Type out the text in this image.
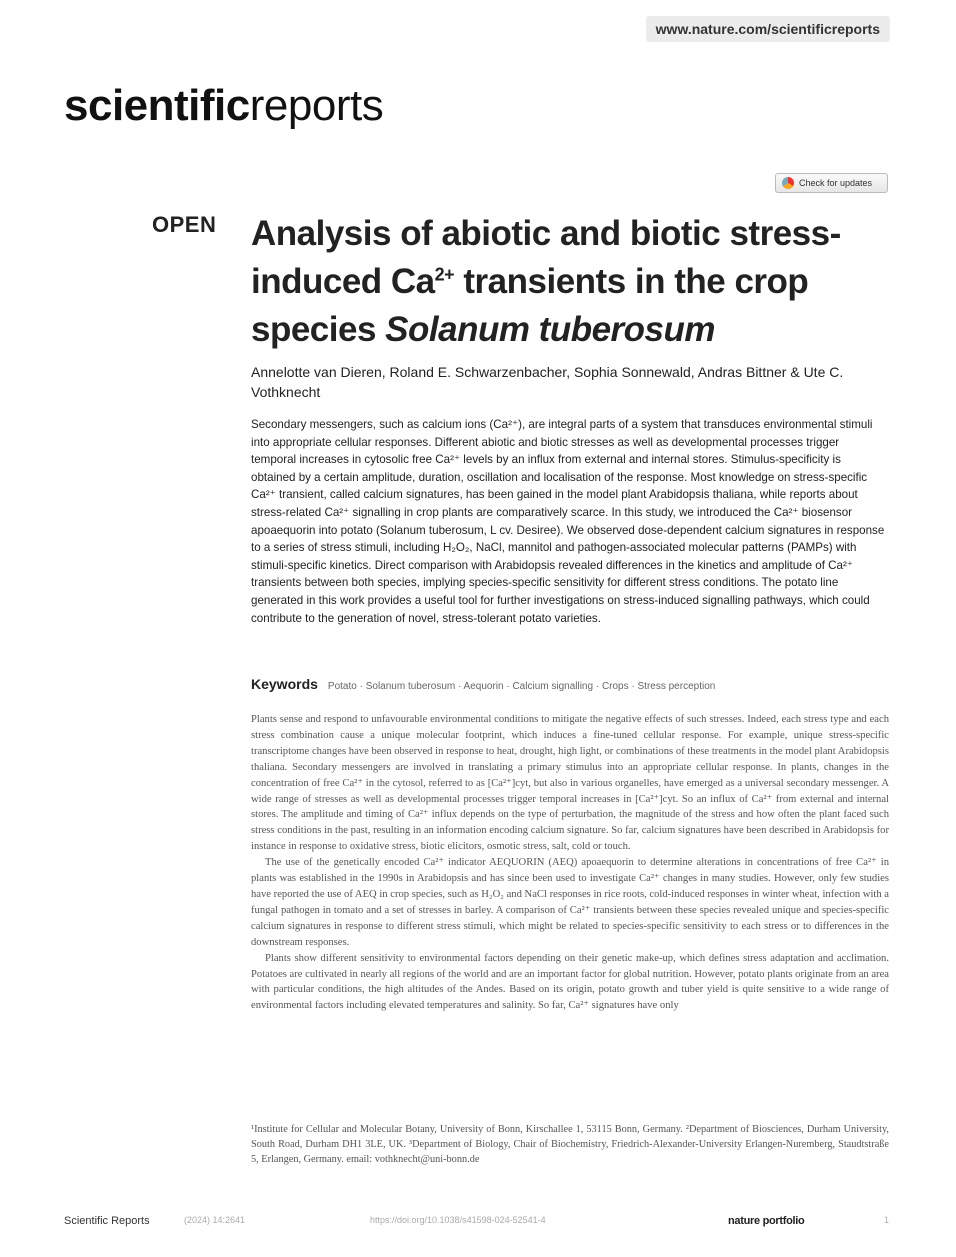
www.nature.com/scientificreports
scientificreports
Check for updates
OPEN Analysis of abiotic and biotic stress-induced $Ca^{2+}$ transients in the crop species Solanum tuberosum
Annelotte van Dieren, Roland E. Schwarzenbacher, Sophia Sonnewald, Andras Bittner & Ute C. Vothknecht

Secondary messengers, such as calcium ions (Ca²⁺), are integral parts of a system that transduces environmental stimuli into appropriate cellular responses. Different abiotic and biotic stresses as well as developmental processes trigger temporal increases in cytosolic free Ca²⁺ levels by an influx from external and internal stores. Stimulus-specificity is obtained by a certain amplitude, duration, oscillation and localisation of the response. Most knowledge on stress-specific Ca²⁺ transient, called calcium signatures, has been gained in the model plant Arabidopsis thaliana, while reports about stress-related Ca²⁺ signalling in crop plants are comparatively scarce. In this study, we introduced the Ca²⁺ biosensor apoaequorin into potato (Solanum tuberosum, L cv. Desiree). We observed dose-dependent calcium signatures in response to a series of stress stimuli, including H₂O₂, NaCl, mannitol and pathogen-associated molecular patterns (PAMPs) with stimuli-specific kinetics. Direct comparison with Arabidopsis revealed differences in the kinetics and amplitude of Ca²⁺ transients between both species, implying species-specific sensitivity for different stress conditions. The potato line generated in this work provides a useful tool for further investigations on stress-induced signalling pathways, which could contribute to the generation of novel, stress-tolerant potato varieties.

Keywords Potato · Solanum tuberosum · Aequorin · Calcium signalling · Crops · Stress perception

Plants sense and respond to unfavourable environmental conditions to mitigate the negative effects of such stresses. Indeed, each stress type and each stress combination cause a unique molecular footprint, which induces a fine-tuned cellular response. For example, unique stress-specific transcriptome changes have been observed in response to heat, drought, high light, or combinations of these treatments in the model plant Arabidopsis thaliana. Secondary messengers are involved in translating a primary stimulus into an appropriate cellular response. In plants, changes in the concentration of free Ca²⁺ in the cytosol, referred to as [Ca²⁺]cyt, but also in various organelles, have emerged as a universal secondary messenger. A wide range of stresses as well as developmental processes trigger temporal increases in [Ca²⁺]cyt. So an influx of Ca²⁺ from external and internal stores. The amplitude and timing of Ca²⁺ influx depends on the type of perturbation, the magnitude of the stress and how often the plant faced such stress conditions in the past, resulting in an information encoding calcium signature. So far, calcium signatures have been described in Arabidopsis for instance in response to oxidative stress, biotic elicitors, osmotic stress, salt, cold or touch.

The use of the genetically encoded Ca²⁺ indicator AEQUORIN (AEQ) apoaequorin to determine alterations in concentrations of free Ca²⁺ in plants was established in the 1990s in Arabidopsis and has since been used to investigate Ca²⁺ changes in many studies. However, only few studies have reported the use of AEQ in crop species, such as H₂O₂ and NaCl responses in rice roots, cold-induced responses in winter wheat, infection with a fungal pathogen in tomato and a set of stresses in barley. A comparison of Ca²⁺ transients between these species revealed unique and species-specific calcium signatures in response to different stress stimuli, which might be related to species-specific sensitivity to each stress or to differences in the downstream responses.

Plants show different sensitivity to environmental factors depending on their genetic make-up, which defines stress adaptation and acclimation. Potatoes are cultivated in nearly all regions of the world and are an important factor for global nutrition. However, potato plants originate from an area with particular conditions, the high altitudes of the Andes. Based on its origin, potato growth and tuber yield is quite sensitive to a wide range of environmental factors including elevated temperatures and salinity. So far, Ca²⁺ signatures have only

¹Institute for Cellular and Molecular Botany, University of Bonn, Kirschallee 1, 53115 Bonn, Germany. ²Department of Biosciences, Durham University, South Road, Durham DH1 3LE, UK. ³Department of Biology, Chair of Biochemistry, Friedrich-Alexander-University Erlangen-Nuremberg, Staudtstraße 5, Erlangen, Germany. email: vothknecht@uni-bonn.de

Scientific Reports	(2024) 14:2641	https://doi.org/10.1038/s41598-024-52541-4	nature portfolio	1
